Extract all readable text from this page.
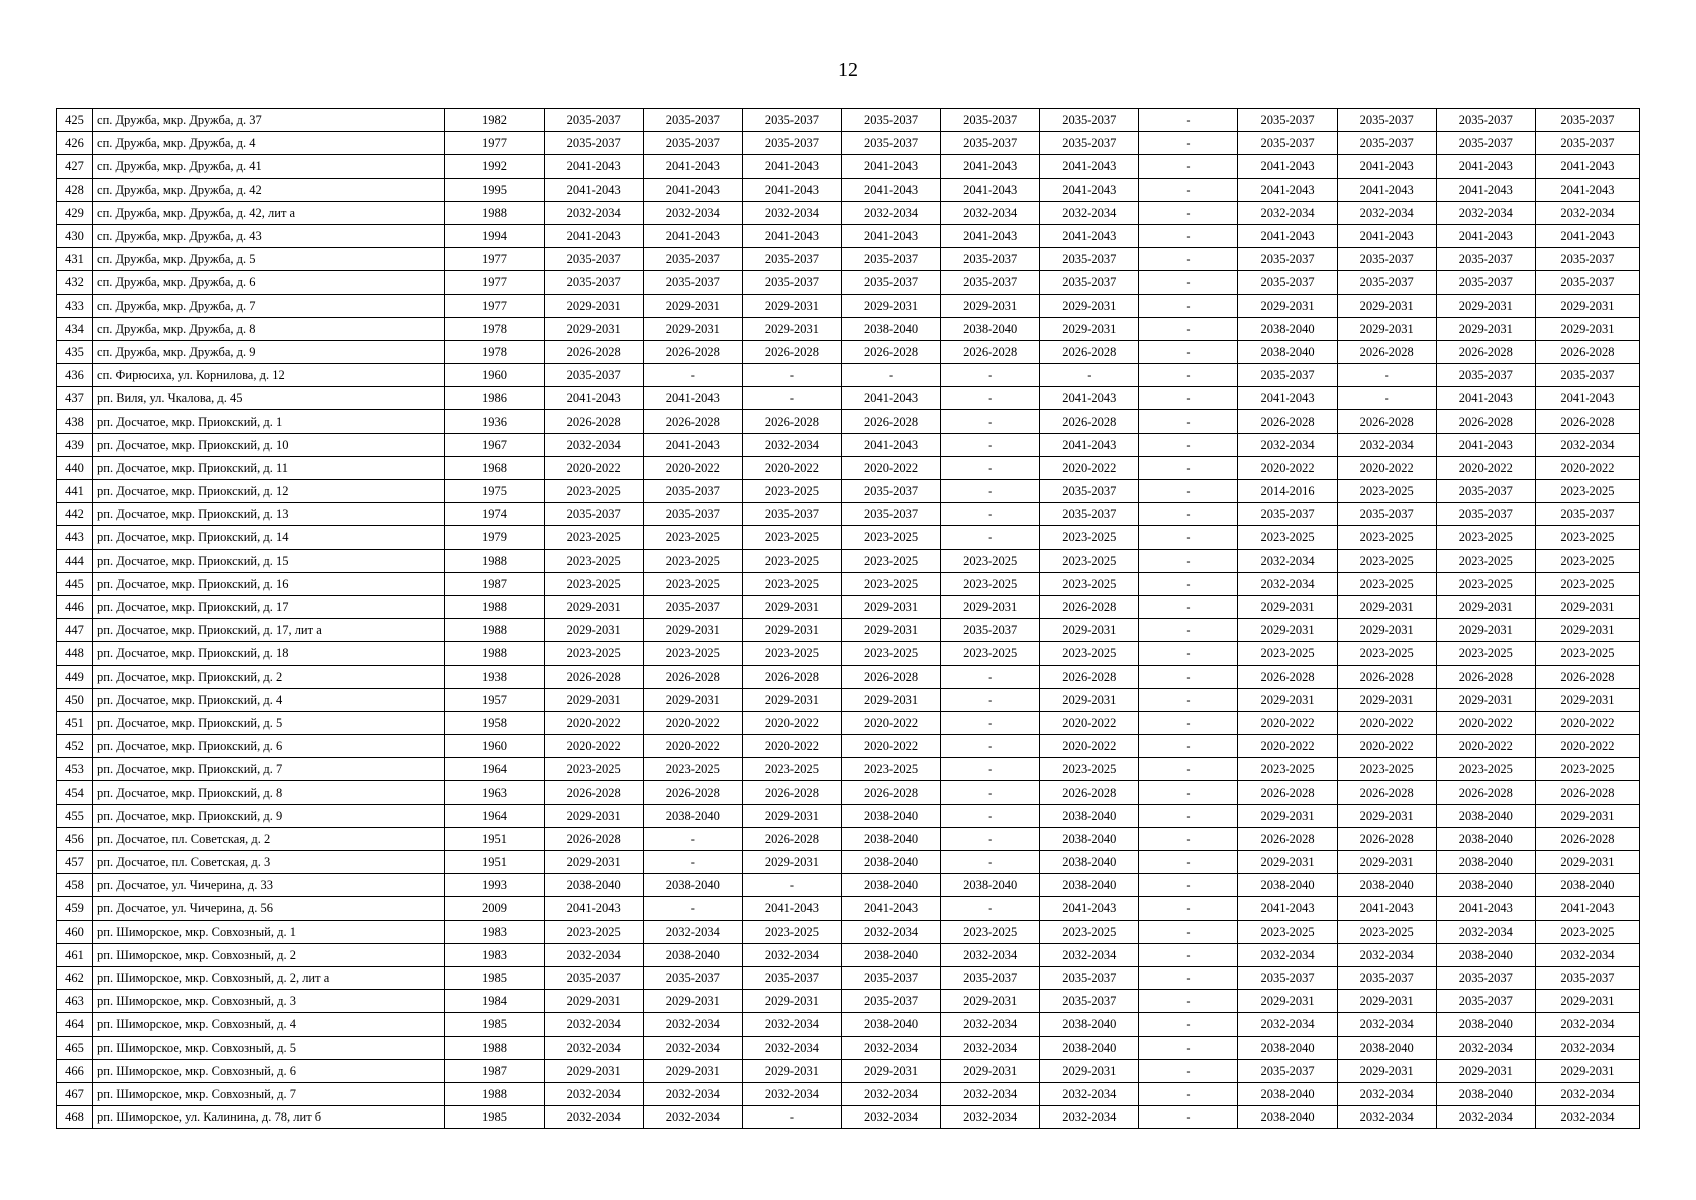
12
425	сп. Дружба, мкр. Дружба, д. 37	1982	2035-2037	2035-2037	2035-2037	2035-2037	2035-2037	2035-2037	-	2035-2037	2035-2037	2035-2037	2035-2037
426	сп. Дружба, мкр. Дружба, д. 4	1977	2035-2037	2035-2037	2035-2037	2035-2037	2035-2037	2035-2037	-	2035-2037	2035-2037	2035-2037	2035-2037
427	сп. Дружба, мкр. Дружба, д. 41	1992	2041-2043	2041-2043	2041-2043	2041-2043	2041-2043	2041-2043	-	2041-2043	2041-2043	2041-2043	2041-2043
428	сп. Дружба, мкр. Дружба, д. 42	1995	2041-2043	2041-2043	2041-2043	2041-2043	2041-2043	2041-2043	-	2041-2043	2041-2043	2041-2043	2041-2043
429	сп. Дружба, мкр. Дружба, д. 42, лит а	1988	2032-2034	2032-2034	2032-2034	2032-2034	2032-2034	2032-2034	-	2032-2034	2032-2034	2032-2034	2032-2034
430	сп. Дружба, мкр. Дружба, д. 43	1994	2041-2043	2041-2043	2041-2043	2041-2043	2041-2043	2041-2043	-	2041-2043	2041-2043	2041-2043	2041-2043
431	сп. Дружба, мкр. Дружба, д. 5	1977	2035-2037	2035-2037	2035-2037	2035-2037	2035-2037	2035-2037	-	2035-2037	2035-2037	2035-2037	2035-2037
432	сп. Дружба, мкр. Дружба, д. 6	1977	2035-2037	2035-2037	2035-2037	2035-2037	2035-2037	2035-2037	-	2035-2037	2035-2037	2035-2037	2035-2037
433	сп. Дружба, мкр. Дружба, д. 7	1977	2029-2031	2029-2031	2029-2031	2029-2031	2029-2031	2029-2031	-	2029-2031	2029-2031	2029-2031	2029-2031
434	сп. Дружба, мкр. Дружба, д. 8	1978	2029-2031	2029-2031	2029-2031	2038-2040	2038-2040	2029-2031	-	2038-2040	2029-2031	2029-2031	2029-2031
435	сп. Дружба, мкр. Дружба, д. 9	1978	2026-2028	2026-2028	2026-2028	2026-2028	2026-2028	2026-2028	-	2038-2040	2026-2028	2026-2028	2026-2028
436	сп. Фирюсиха, ул. Корнилова, д. 12	1960	2035-2037	-	-	-	-	-	-	2035-2037	-	2035-2037	2035-2037
437	рп. Виля, ул. Чкалова, д. 45	1986	2041-2043	2041-2043	-	2041-2043	-	2041-2043	-	2041-2043	-	2041-2043	2041-2043
438	рп. Досчатое, мкр. Приокский, д. 1	1936	2026-2028	2026-2028	2026-2028	2026-2028	-	2026-2028	-	2026-2028	2026-2028	2026-2028	2026-2028
439	рп. Досчатое, мкр. Приокский, д. 10	1967	2032-2034	2041-2043	2032-2034	2041-2043	-	2041-2043	-	2032-2034	2032-2034	2041-2043	2032-2034
440	рп. Досчатое, мкр. Приокский, д. 11	1968	2020-2022	2020-2022	2020-2022	2020-2022	-	2020-2022	-	2020-2022	2020-2022	2020-2022	2020-2022
441	рп. Досчатое, мкр. Приокский, д. 12	1975	2023-2025	2035-2037	2023-2025	2035-2037	-	2035-2037	-	2014-2016	2023-2025	2035-2037	2023-2025
442	рп. Досчатое, мкр. Приокский, д. 13	1974	2035-2037	2035-2037	2035-2037	2035-2037	-	2035-2037	-	2035-2037	2035-2037	2035-2037	2035-2037
443	рп. Досчатое, мкр. Приокский, д. 14	1979	2023-2025	2023-2025	2023-2025	2023-2025	-	2023-2025	-	2023-2025	2023-2025	2023-2025	2023-2025
444	рп. Досчатое, мкр. Приокский, д. 15	1988	2023-2025	2023-2025	2023-2025	2023-2025	2023-2025	2023-2025	-	2032-2034	2023-2025	2023-2025	2023-2025
445	рп. Досчатое, мкр. Приокский, д. 16	1987	2023-2025	2023-2025	2023-2025	2023-2025	2023-2025	2023-2025	-	2032-2034	2023-2025	2023-2025	2023-2025
446	рп. Досчатое, мкр. Приокский, д. 17	1988	2029-2031	2035-2037	2029-2031	2029-2031	2029-2031	2026-2028	-	2029-2031	2029-2031	2029-2031	2029-2031
447	рп. Досчатое, мкр. Приокский, д. 17, лит а	1988	2029-2031	2029-2031	2029-2031	2029-2031	2035-2037	2029-2031	-	2029-2031	2029-2031	2029-2031	2029-2031
448	рп. Досчатое, мкр. Приокский, д. 18	1988	2023-2025	2023-2025	2023-2025	2023-2025	2023-2025	2023-2025	-	2023-2025	2023-2025	2023-2025	2023-2025
449	рп. Досчатое, мкр. Приокский, д. 2	1938	2026-2028	2026-2028	2026-2028	2026-2028	-	2026-2028	-	2026-2028	2026-2028	2026-2028	2026-2028
450	рп. Досчатое, мкр. Приокский, д. 4	1957	2029-2031	2029-2031	2029-2031	2029-2031	-	2029-2031	-	2029-2031	2029-2031	2029-2031	2029-2031
451	рп. Досчатое, мкр. Приокский, д. 5	1958	2020-2022	2020-2022	2020-2022	2020-2022	-	2020-2022	-	2020-2022	2020-2022	2020-2022	2020-2022
452	рп. Досчатое, мкр. Приокский, д. 6	1960	2020-2022	2020-2022	2020-2022	2020-2022	-	2020-2022	-	2020-2022	2020-2022	2020-2022	2020-2022
453	рп. Досчатое, мкр. Приокский, д. 7	1964	2023-2025	2023-2025	2023-2025	2023-2025	-	2023-2025	-	2023-2025	2023-2025	2023-2025	2023-2025
454	рп. Досчатое, мкр. Приокский, д. 8	1963	2026-2028	2026-2028	2026-2028	2026-2028	-	2026-2028	-	2026-2028	2026-2028	2026-2028	2026-2028
455	рп. Досчатое, мкр. Приокский, д. 9	1964	2029-2031	2038-2040	2029-2031	2038-2040	-	2038-2040	-	2029-2031	2029-2031	2038-2040	2029-2031
456	рп. Досчатое, пл. Советская, д. 2	1951	2026-2028	-	2026-2028	2038-2040	-	2038-2040	-	2026-2028	2026-2028	2038-2040	2026-2028
457	рп. Досчатое, пл. Советская, д. 3	1951	2029-2031	-	2029-2031	2038-2040	-	2038-2040	-	2029-2031	2029-2031	2038-2040	2029-2031
458	рп. Досчатое, ул. Чичерина, д. 33	1993	2038-2040	2038-2040	-	2038-2040	2038-2040	2038-2040	-	2038-2040	2038-2040	2038-2040	2038-2040
459	рп. Досчатое, ул. Чичерина, д. 56	2009	2041-2043	-	2041-2043	2041-2043	-	2041-2043	-	2041-2043	2041-2043	2041-2043	2041-2043
460	рп. Шиморское, мкр. Совхозный, д. 1	1983	2023-2025	2032-2034	2023-2025	2032-2034	2023-2025	2023-2025	-	2023-2025	2023-2025	2032-2034	2023-2025
461	рп. Шиморское, мкр. Совхозный, д. 2	1983	2032-2034	2038-2040	2032-2034	2038-2040	2032-2034	2032-2034	-	2032-2034	2032-2034	2038-2040	2032-2034
462	рп. Шиморское, мкр. Совхозный, д. 2, лит а	1985	2035-2037	2035-2037	2035-2037	2035-2037	2035-2037	2035-2037	-	2035-2037	2035-2037	2035-2037	2035-2037
463	рп. Шиморское, мкр. Совхозный, д. 3	1984	2029-2031	2029-2031	2029-2031	2035-2037	2029-2031	2035-2037	-	2029-2031	2029-2031	2035-2037	2029-2031
464	рп. Шиморское, мкр. Совхозный, д. 4	1985	2032-2034	2032-2034	2032-2034	2038-2040	2032-2034	2038-2040	-	2032-2034	2032-2034	2038-2040	2032-2034
465	рп. Шиморское, мкр. Совхозный, д. 5	1988	2032-2034	2032-2034	2032-2034	2032-2034	2032-2034	2038-2040	-	2038-2040	2038-2040	2032-2034	2032-2034
466	рп. Шиморское, мкр. Совхозный, д. 6	1987	2029-2031	2029-2031	2029-2031	2029-2031	2029-2031	2029-2031	-	2035-2037	2029-2031	2029-2031	2029-2031
467	рп. Шиморское, мкр. Совхозный, д. 7	1988	2032-2034	2032-2034	2032-2034	2032-2034	2032-2034	2032-2034	-	2038-2040	2032-2034	2038-2040	2032-2034
468	рп. Шиморское, ул. Калинина, д. 78, лит б	1985	2032-2034	2032-2034	-	2032-2034	2032-2034	2032-2034	-	2038-2040	2032-2034	2032-2034	2032-2034
